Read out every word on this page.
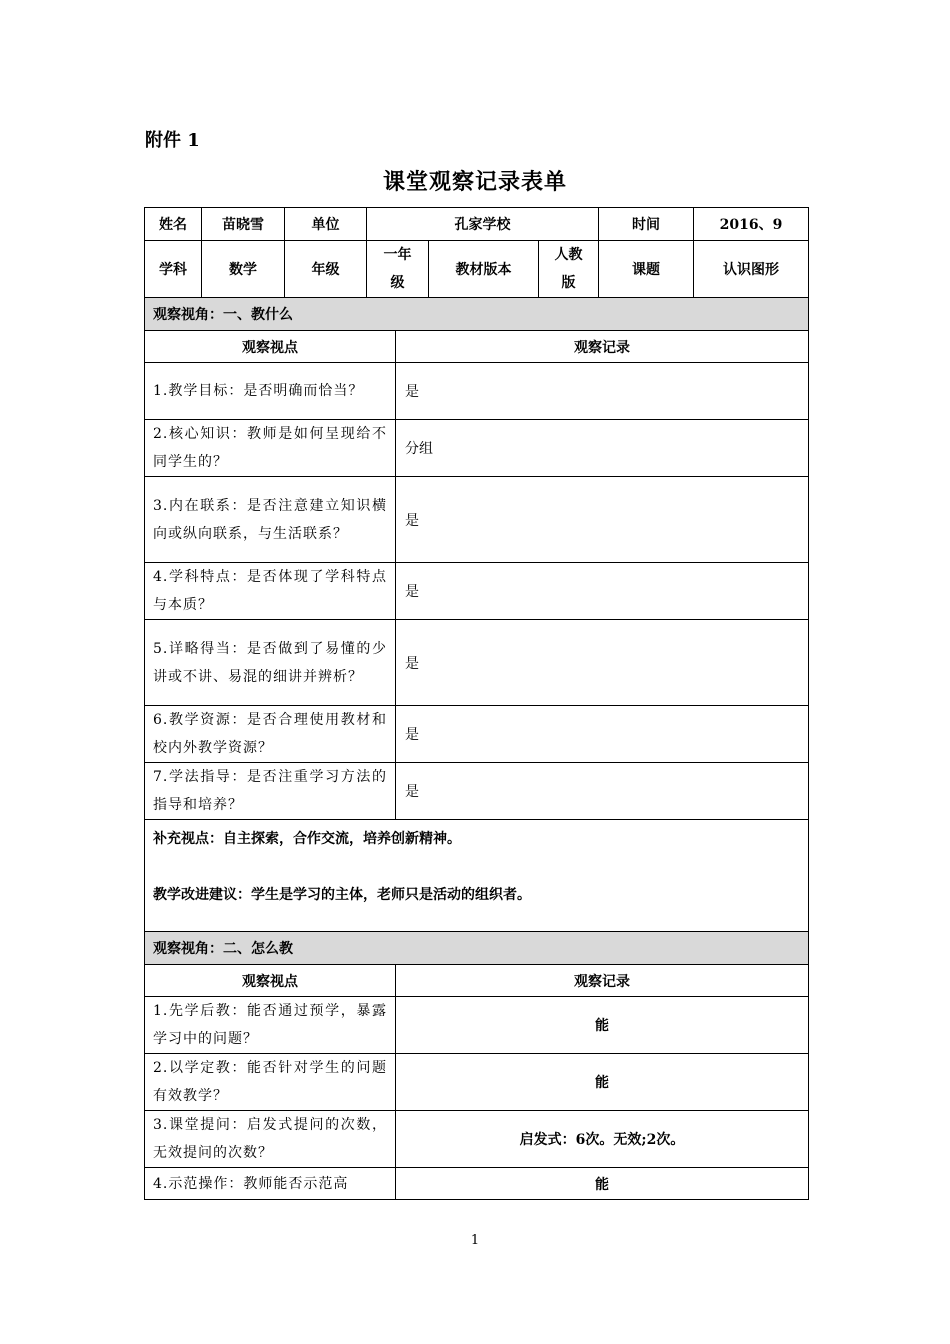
附件 1
课堂观察记录表单
姓名	苗晓雪	单位	孔家学校			时间	2016、9
学科	数学	年级	一年级	教材版本	人教版	课题	认识图形
观察视角：一、教什么	
观察视点	观察记录
1.教学目标：是否明确而恰当？	是
2.核心知识：教师是如何呈现给不同学生的？	分组
3.内在联系：是否注意建立知识横向或纵向联系，与生活联系？	是
4.学科特点：是否体现了学科特点与本质？	是
5.详略得当：是否做到了易懂的少讲或不讲、易混的细讲并辨析？	是
6.教学资源：是否合理使用教材和校内外教学资源？	是
7.学法指导：是否注重学习方法的指导和培养？	是

补充视点：自主探索，合作交流，培养创新精神。

教学改进建议：学生是学习的主体，老师只是活动的组织者。	

观察视角：二、怎么教	
观察视点	观察记录
1.先学后教：能否通过预学，暴露学习中的问题？	能
2.以学定教：能否针对学生的问题有效教学？	能
3.课堂提问：启发式提问的次数，无效提问的次数？	启发式：6次。无效;2次。
4.示范操作：教师能否示范高	能
1
